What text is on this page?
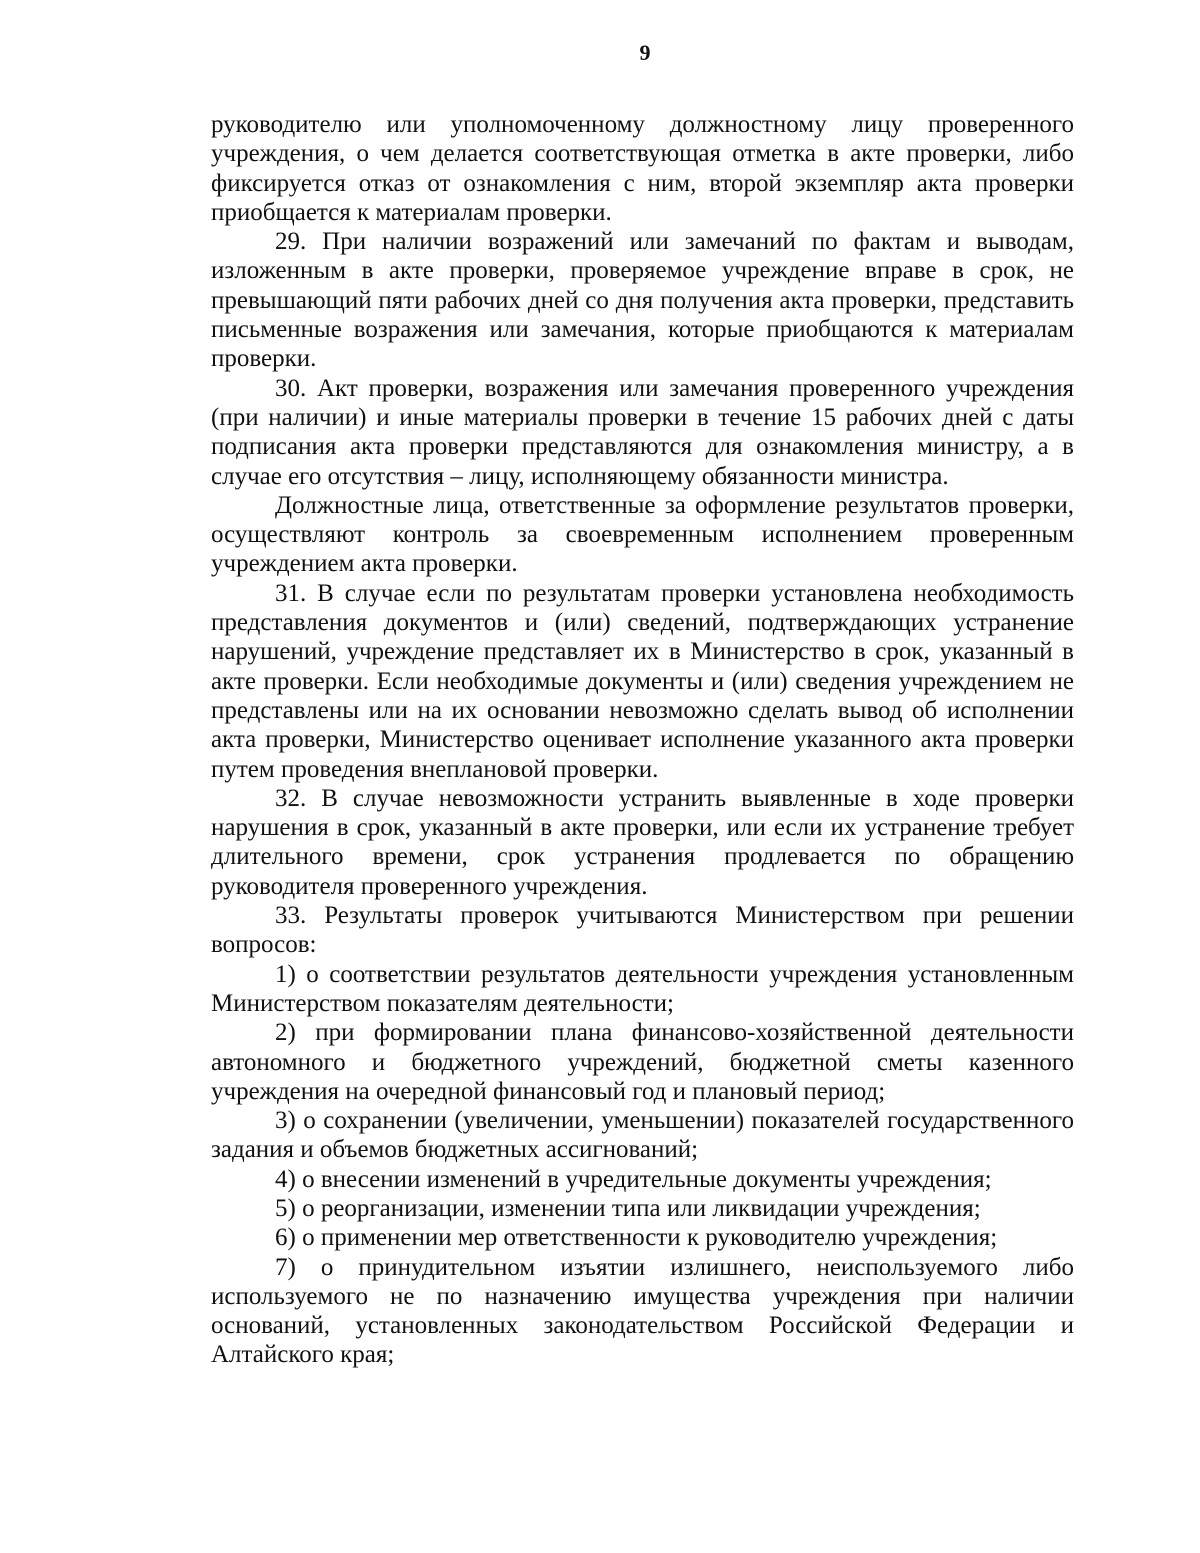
9

руководителю или уполномоченному должностному лицу проверенного учреждения, о чем делается соответствующая отметка в акте проверки, либо фиксируется отказ от ознакомления с ним, второй экземпляр акта проверки приобщается к материалам проверки.

29. При наличии возражений или замечаний по фактам и выводам, изложенным в акте проверки, проверяемое учреждение вправе в срок, не превышающий пяти рабочих дней со дня получения акта проверки, представить письменные возражения или замечания, которые приобщаются к материалам проверки.

30. Акт проверки, возражения или замечания проверенного учреждения (при наличии) и иные материалы проверки в течение 15 рабочих дней с даты подписания акта проверки представляются для ознакомления министру, а в случае его отсутствия – лицу, исполняющему обязанности министра.

Должностные лица, ответственные за оформление результатов проверки, осуществляют контроль за своевременным исполнением проверенным учреждением акта проверки.

31. В случае если по результатам проверки установлена необходимость представления документов и (или) сведений, подтверждающих устранение нарушений, учреждение представляет их в Министерство в срок, указанный в акте проверки. Если необходимые документы и (или) сведения учреждением не представлены или на их основании невозможно сделать вывод об исполнении акта проверки, Министерство оценивает исполнение указанного акта проверки путем проведения внеплановой проверки.

32. В случае невозможности устранить выявленные в ходе проверки нарушения в срок, указанный в акте проверки, или если их устранение требует длительного времени, срок устранения продлевается по обращению руководителя проверенного учреждения.

33. Результаты проверок учитываются Министерством при решении вопросов:

1) о соответствии результатов деятельности учреждения установленным Министерством показателям деятельности;

2) при формировании плана финансово-хозяйственной деятельности автономного и бюджетного учреждений, бюджетной сметы казенного учреждения на очередной финансовый год и плановый период;

3) о сохранении (увеличении, уменьшении) показателей государственного задания и объемов бюджетных ассигнований;

4) о внесении изменений в учредительные документы учреждения;

5) о реорганизации, изменении типа или ликвидации учреждения;

6) о применении мер ответственности к руководителю учреждения;

7) о принудительном изъятии излишнего, неиспользуемого либо используемого не по назначению имущества учреждения при наличии оснований, установленных законодательством Российской Федерации и Алтайского края;
